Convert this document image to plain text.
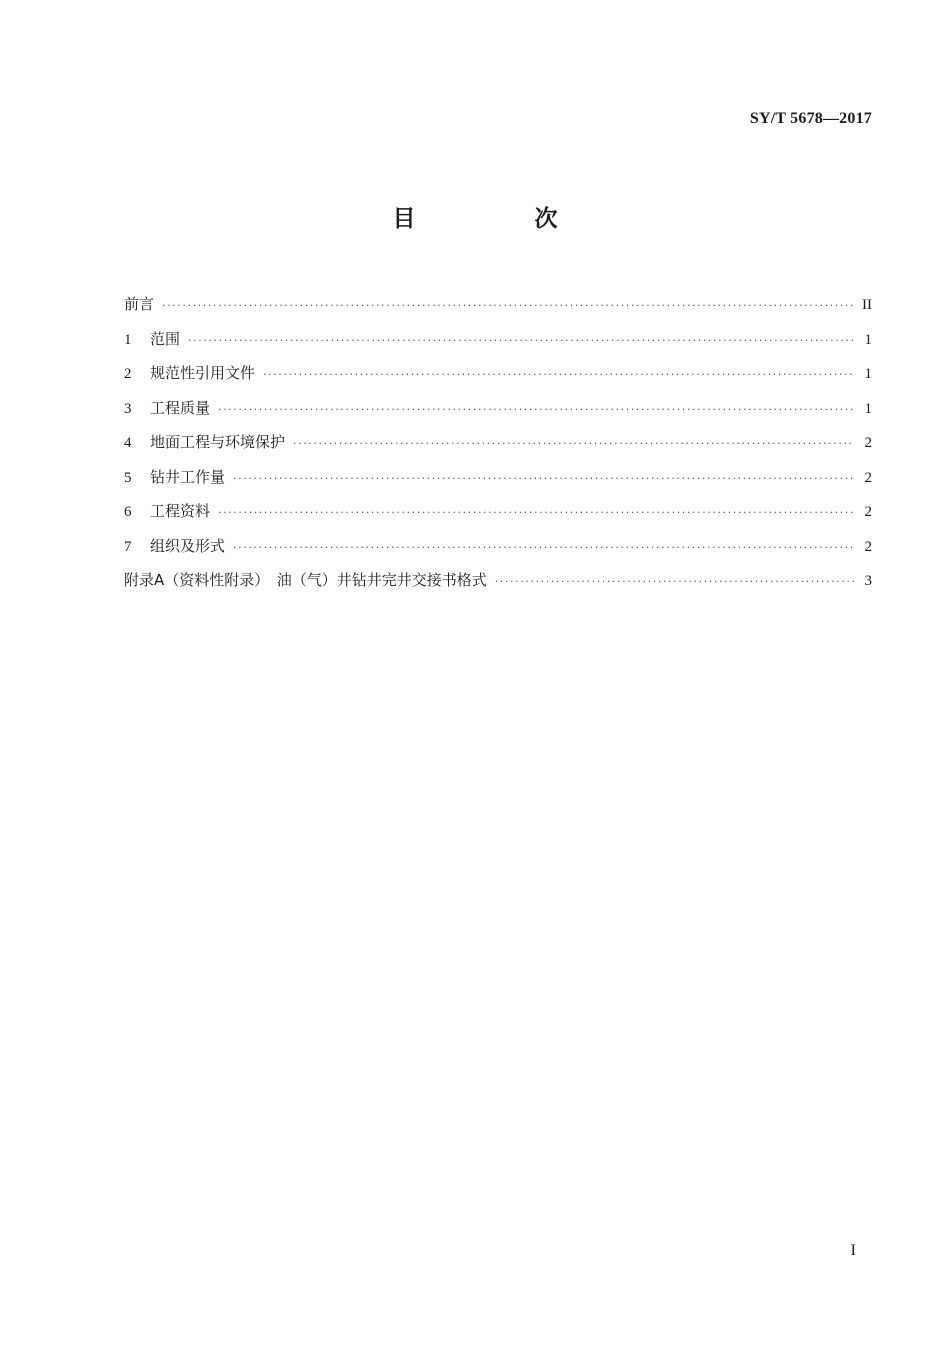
SY/T 5678—2017
目　次
前言 ·····	II
1	范围 ·····	1
2	规范性引用文件 ·····	1
3	工程质量 ·····	1
4	地面工程与环境保护 ·····	2
5	钻井工作量 ·····	2
6	工程资料 ·····	2
7	组织及形式 ·····	2
附录A（资料性附录）　油（气）井钻井完井交接书格式 ·····	3
I
